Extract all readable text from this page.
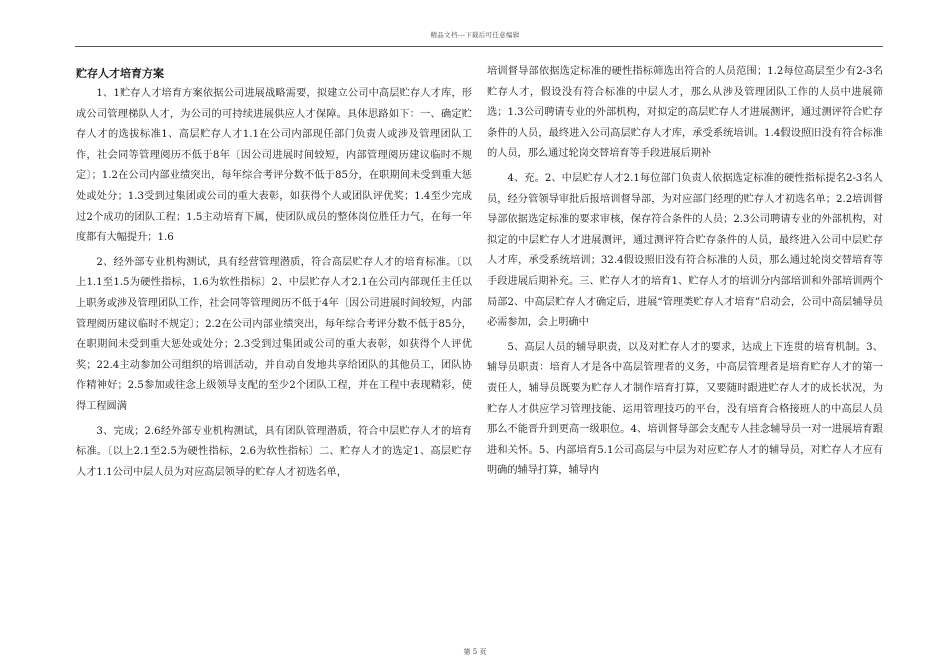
精品文档---下载后可任意编辑
贮存人才培育方案

1、1贮存人才培育方案依据公司进展战略需要，拟建立公司中高层贮存人才库，形成公司管理梯队人才，为公司的可持续进展供应人才保障。具体思路如下：一、确定贮存人才的选拔标准1、高层贮存人才1.1在公司内部现任部门负责人或涉及管理团队工作，社会同等管理阅历不低于8年〔因公司进展时间较短，内部管理阅历建议临时不规定〕；1.2在公司内部业绩突出，每年综合考评分数不低于85分，在职期间未受到重大惩处或处分；1.3受到过集团或公司的重大表彰，如获得个人或团队评优奖；1.4至少完成过2个成功的团队工程；1.5主动培育下属，使团队成员的整体岗位胜任力气，在每一年度都有大幅提升；1.6

2、经外部专业机构测试，具有经营管理潜质，符合高层贮存人才的培育标准。〔以上1.1至1.5为硬性指标，1.6为软性指标〕2、中层贮存人才2.1在公司内部现任主任以上职务或涉及管理团队工作，社会同等管理阅历不低于4年〔因公司进展时间较短，内部管理阅历建议临时不规定〕；2.2在公司内部业绩突出，每年综合考评分数不低于85分，在职期间未受到重大惩处或处分；2.3受到过集团或公司的重大表彰，如获得个人评优奖；22.4主动参加公司组织的培训活动，并自动自发地共享给团队的其他员工，团队协作精神好；2.5参加或往念上级领导支配的至少2个团队工程，并在工程中表现精彩，使得工程圆满

3、完成；2.6经外部专业机构测试，具有团队管理潜质，符合中层贮存人才的培育标准。〔以上2.1至2.5为硬性指标，2.6为软性指标〕二、贮存人才的选定1、高层贮存人才1.1公司中层人员为对应高层领导的贮存人才初选名单，

培训督导部依据选定标准的硬性指标筛选出符合的人员范围；1.2每位高层至少有2-3名贮存人才，假设没有符合标准的中层人才，那么从涉及管理团队工作的人员中进展筛选；1.3公司聘请专业的外部机构，对拟定的高层贮存人才进展测评，通过测评符合贮存条件的人员，最终进入公司高层贮存人才库，承受系统培训。1.4假设照旧没有符合标准的人员，那么通过轮岗交替培育等手段进展后期补

4、充。2、中层贮存人才2.1每位部门负责人依据选定标准的硬性指标提名2-3名人员，经分管领导审批后报培训督导部，为对应部门经理的贮存人才初选名单；2.2培训督导部依据选定标准的要求审核，保存符合条件的人员；2.3公司聘请专业的外部机构，对拟定的中层贮存人才进展测评，通过测评符合贮存条件的人员，最终进入公司中层贮存人才库，承受系统培训；32.4假设照旧没有符合标准的人员，那么通过轮岗交替培育等手段进展后期补充。三、贮存人才的培育1、贮存人才的培训分内部培训和外部培训两个局部2、中高层贮存人才确定后，进展“管理类贮存人才培育”启动会，公司中高层辅导员必需参加，会上明确中

5、高层人员的辅导职责，以及对贮存人才的要求，达成上下连贯的培育机制。3、辅导员职责：培育人才是各中高层管理者的义务，中高层管理者是培育贮存人才的第一责任人，辅导员既要为贮存人才制作培育打算，又要随时跟进贮存人才的成长状况，为贮存人才供应学习管理技能、运用管理技巧的平台，没有培育合格接班人的中高层人员那么不能晋升到更高一级职位。4、培训督导部会支配专人挂念辅导员一对一进展培育跟进和关怀。5、内部培育5.1公司高层与中层为对应贮存人才的辅导员，对贮存人才应有明确的辅导打算，辅导内

第 5 页
